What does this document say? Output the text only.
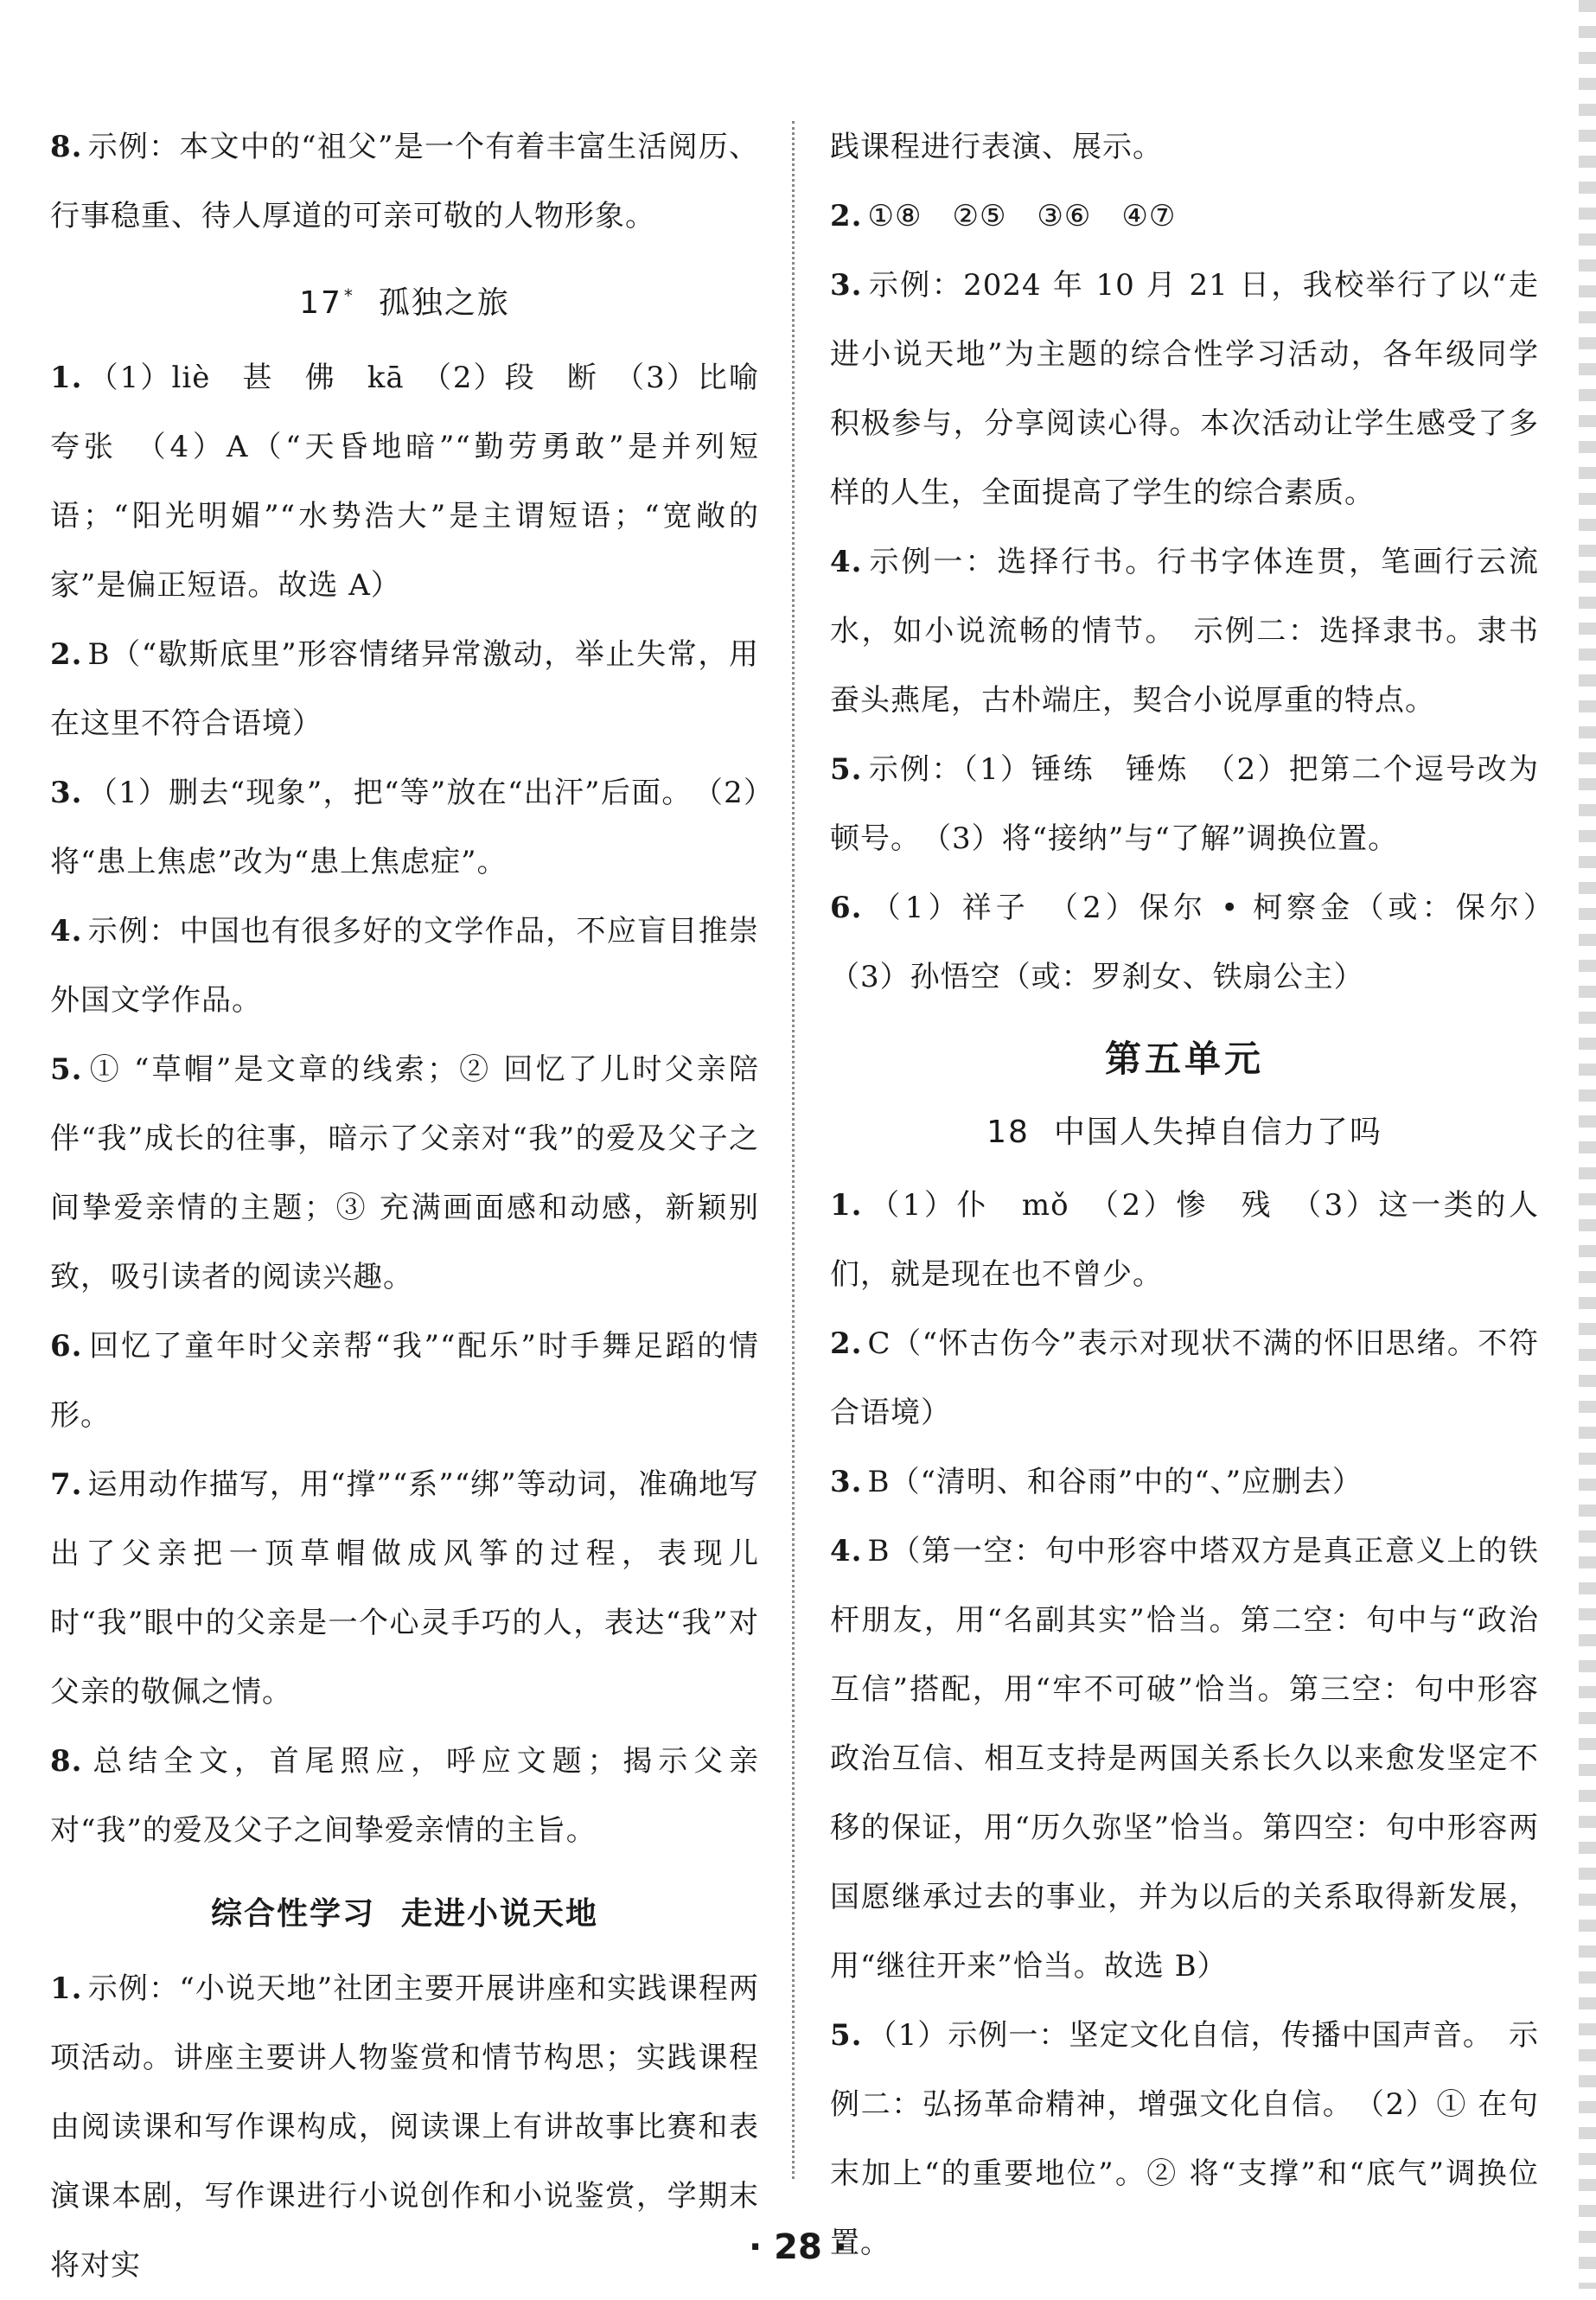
8. 示例：本文中的“祖父”是一个有着丰富生活阅历、行事稳重、待人厚道的可亲可敬的人物形象。

17 * 孤独之旅

1. （1）liè　甚　佛　kā　（2）段　断　（3）比喻　夸张　（4）A（“天昏地暗”“勤劳勇敢”是并列短语；“阳光明媚”“水势浩大”是主谓短语；“宽敞的家”是偏正短语。故选 A）

2. B（“歇斯底里”形容情绪异常激动，举止失常，用在这里不符合语境）

3. （1）删去“现象”，把“等”放在“出汗”后面。　（2）将“患上焦虑”改为“患上焦虑症”。

4. 示例：中国也有很多好的文学作品，不应盲目推崇外国文学作品。

5. ① “草帽”是文章的线索；② 回忆了儿时父亲陪伴“我”成长的往事，暗示了父亲对“我”的爱及父子之间挚爱亲情的主题；③ 充满画面感和动感，新颖别致，吸引读者的阅读兴趣。

6. 回忆了童年时父亲帮“我”“配乐”时手舞足蹈的情形。

7. 运用动作描写，用“撑”“系”“绑”等动词，准确地写出了父亲把一顶草帽做成风筝的过程，表现儿时“我”眼中的父亲是一个心灵手巧的人，表达“我”对父亲的敬佩之情。

8. 总结全文，首尾照应，呼应文题；揭示父亲对“我”的爱及父子之间挚爱亲情的主旨。

综合性学习 走进小说天地

1. 示例：“小说天地”社团主要开展讲座和实践课程两项活动。讲座主要讲人物鉴赏和情节构思；实践课程由阅读课和写作课构成，阅读课上有讲故事比赛和表演课本剧，写作课进行小说创作和小说鉴赏，学期末将对实

践课程进行表演、展示。

2. ①⑧　②⑤　③⑥　④⑦

3. 示例：2024 年 10 月 21 日，我校举行了以“走进小说天地”为主题的综合性学习活动，各年级同学积极参与，分享阅读心得。本次活动让学生感受了多样的人生，全面提高了学生的综合素质。

4. 示例一：选择行书。行书字体连贯，笔画行云流水，如小说流畅的情节。　示例二：选择隶书。隶书蚕头燕尾，古朴端庄，契合小说厚重的特点。

5. 示例：（1）锤练　锤炼　（2）把第二个逗号改为顿号。　（3）将“接纳”与“了解”调换位置。

6. （1）祥子　（2）保尔 • 柯察金（或：保尔）　（3）孙悟空（或：罗刹女、铁扇公主）

第五单元
18 中国人失掉自信力了吗

1. （1）仆　mǒ　（2）惨　残　（3）这一类的人们，就是现在也不曾少。

2. C（“怀古伤今”表示对现状不满的怀旧思绪。不符合语境）

3. B（“清明、和谷雨”中的“、”应删去）

4. B（第一空：句中形容中塔双方是真正意义上的铁杆朋友，用“名副其实”恰当。第二空：句中与“政治互信”搭配，用“牢不可破”恰当。第三空：句中形容政治互信、相互支持是两国关系长久以来愈发坚定不移的保证，用“历久弥坚”恰当。第四空：句中形容两国愿继承过去的事业，并为以后的关系取得新发展，用“继往开来”恰当。故选 B）

5. （1）示例一：坚定文化自信，传播中国声音。　示例二：弘扬革命精神，增强文化自信。　（2）① 在句末加上“的重要地位”。② 将“支撑”和“底气”调换位置。

· 28 ·
